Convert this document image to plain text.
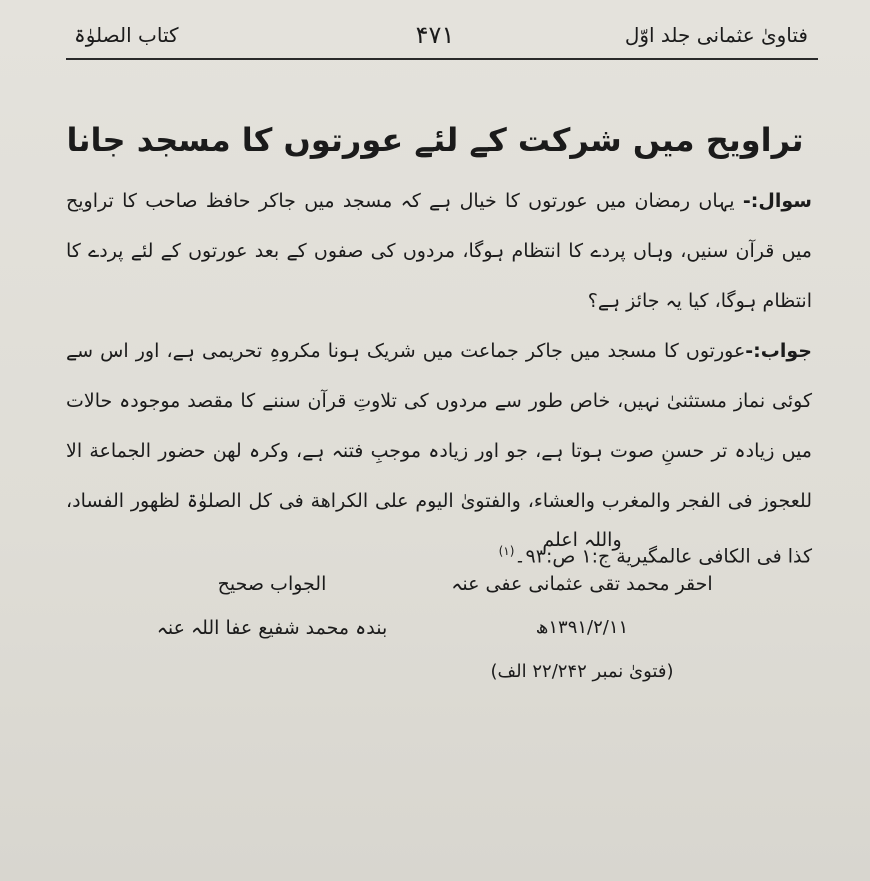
فتاویٰ عثمانی جلد اوّل
۴۷۱
کتاب الصلوٰۃ
تراویح میں شرکت کے لئے عورتوں کا مسجد جانا

سوال:- یہاں رمضان میں عورتوں کا خیال ہے کہ مسجد میں جاکر حافظ صاحب کا تراویح میں قرآن سنیں، وہاں پردے کا انتظام ہوگا، مردوں کی صفوں کے بعد عورتوں کے لئے پردے کا انتظام ہوگا، کیا یہ جائز ہے؟

جواب:-عورتوں کا مسجد میں جاکر جماعت میں شریک ہونا مکروہِ تحریمی ہے، اور اس سے کوئی نماز مستثنیٰ نہیں، خاص طور سے مردوں کی تلاوتِ قرآن سننے کا مقصد موجودہ حالات میں زیادہ تر حسنِ صوت ہوتا ہے، جو اور زیادہ موجبِ فتنہ ہے، وکرہ لهن حضور الجماعة الا للعجوز فی الفجر والمغرب والعشاء، والفتویٰ الیوم علی الکراھة فی کل الصلوٰۃ لظھور الفساد، کذا فی الکافی عالمگیریة ج:۱ ص:۹۳۔$^{(۱)}$	واللہ اعلم
احقر محمد تقی عثمانی عفی عنہ
۱۳۹۱/۲/۱۱ھ
(فتویٰ نمبر ۲۲/۲۴۲ الف)
الجواب صحیح
بندہ محمد شفیع عفا اللہ عنہ
